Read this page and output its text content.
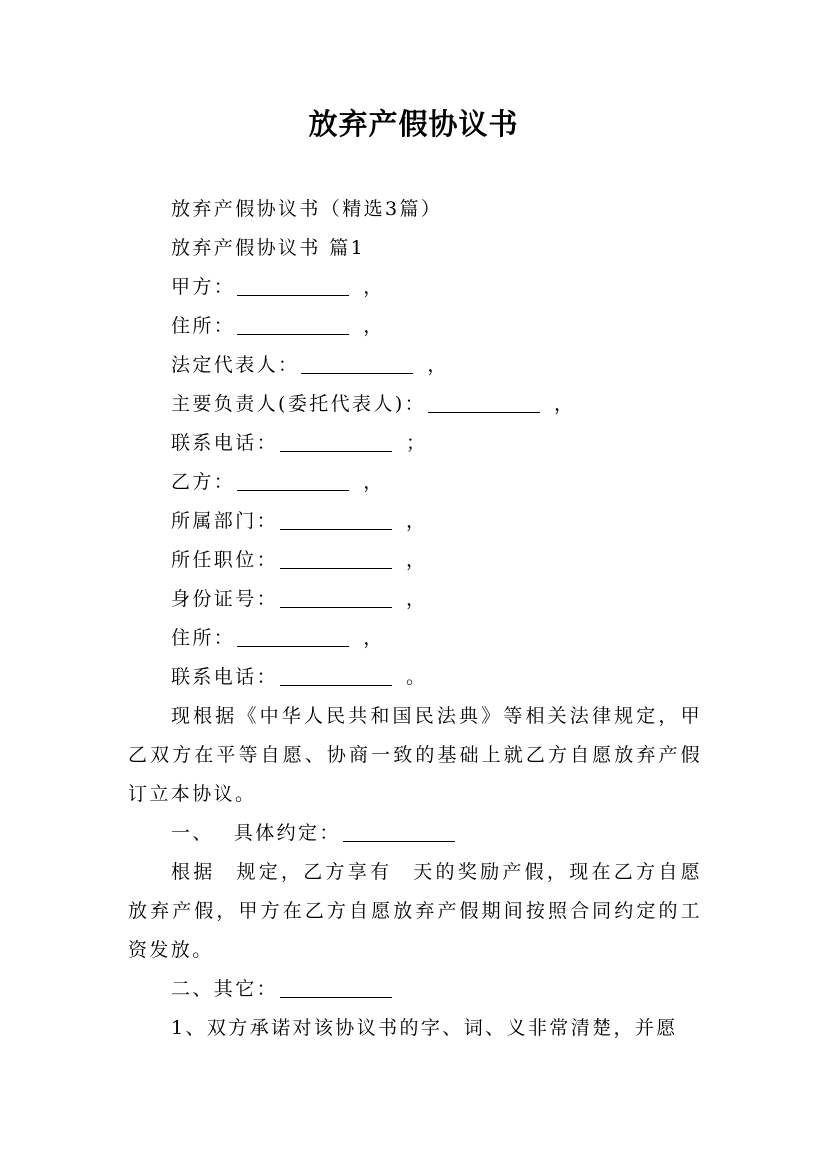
放弃产假协议书
放弃产假协议书（精选3篇）
放弃产假协议书 篇1
甲方：	，
住所：	，
法定代表人：	，
主要负责人(委托代表人)：	，
联系电话：	；
乙方：	，
所属部门：	，
所任职位：	，
身份证号：	，
住所：	，
联系电话：	。
现根据《中华人民共和国民法典》等相关法律规定，甲乙双方在平等自愿、协商一致的基础上就乙方自愿放弃产假订立本协议。
一、 具体约定：
根据 规定，乙方享有 天的奖励产假，现在乙方自愿放弃产假，甲方在乙方自愿放弃产假期间按照合同约定的工资发放。
二、其它：
1、双方承诺对该协议书的字、词、义非常清楚，并愿
